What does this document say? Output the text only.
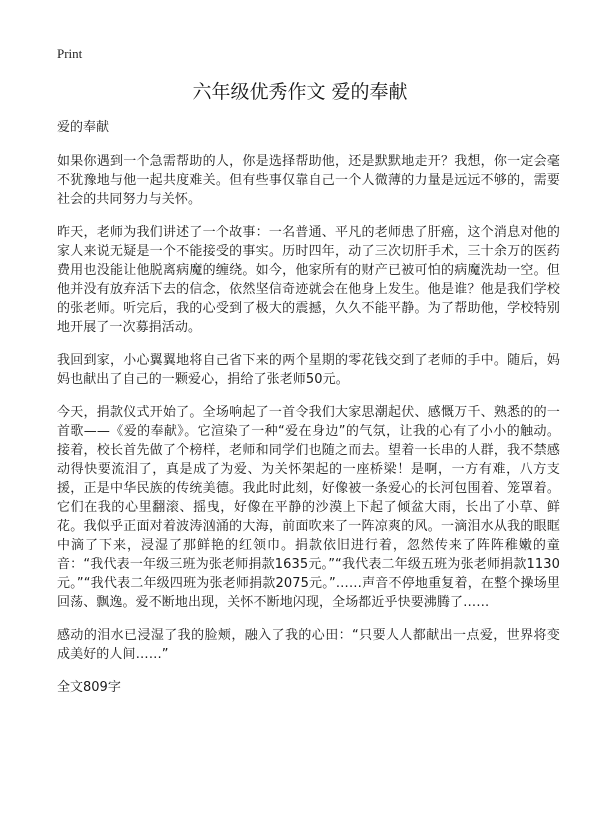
Print
六年级优秀作文 爱的奉献

爱的奉献

如果你遇到一个急需帮助的人，你是选择帮助他，还是默默地走开？我想，你一定会毫不犹豫地与他一起共度难关。但有些事仅靠自己一个人微薄的力量是远远不够的，需要社会的共同努力与关怀。

昨天，老师为我们讲述了一个故事：一名普通、平凡的老师患了肝癌，这个消息对他的家人来说无疑是一个不能接受的事实。历时四年，动了三次切肝手术，三十余万的医药费用也没能让他脱离病魔的缠绕。如今，他家所有的财产已被可怕的病魔洗劫一空。但他并没有放弃活下去的信念，依然坚信奇迹就会在他身上发生。他是谁？他是我们学校的张老师。听完后，我的心受到了极大的震撼，久久不能平静。为了帮助他，学校特别地开展了一次募捐活动。

我回到家，小心翼翼地将自己省下来的两个星期的零花钱交到了老师的手中。随后，妈妈也献出了自己的一颗爱心，捐给了张老师50元。

今天，捐款仪式开始了。全场响起了一首令我们大家思潮起伏、感慨万千、熟悉的的一首歌——《爱的奉献》。它渲染了一种“爱在身边”的气氛，让我的心有了小小的触动。接着，校长首先做了个榜样，老师和同学们也随之而去。望着一长串的人群，我不禁感动得快要流泪了，真是成了为爱、为关怀架起的一座桥梁！是啊，一方有难，八方支援，正是中华民族的传统美德。我此时此刻，好像被一条爱心的长河包围着、笼罩着。它们在我的心里翻滚、摇曳，好像在平静的沙漠上下起了倾盆大雨，长出了小草、鲜花。我似乎正面对着波涛汹涌的大海，前面吹来了一阵凉爽的风。一滴泪水从我的眼眶中滴了下来，浸湿了那鲜艳的红领巾。捐款依旧进行着，忽然传来了阵阵稚嫩的童音：“我代表一年级三班为张老师捐款1635元。”“我代表二年级五班为张老师捐款1130元。”“我代表二年级四班为张老师捐款2075元。”……声音不停地重复着，在整个操场里回荡、飘逸。爱不断地出现，关怀不断地闪现，全场都近乎快要沸腾了……

感动的泪水已浸湿了我的脸颊，融入了我的心田：“只要人人都献出一点爱，世界将变成美好的人间……”

全文809字
